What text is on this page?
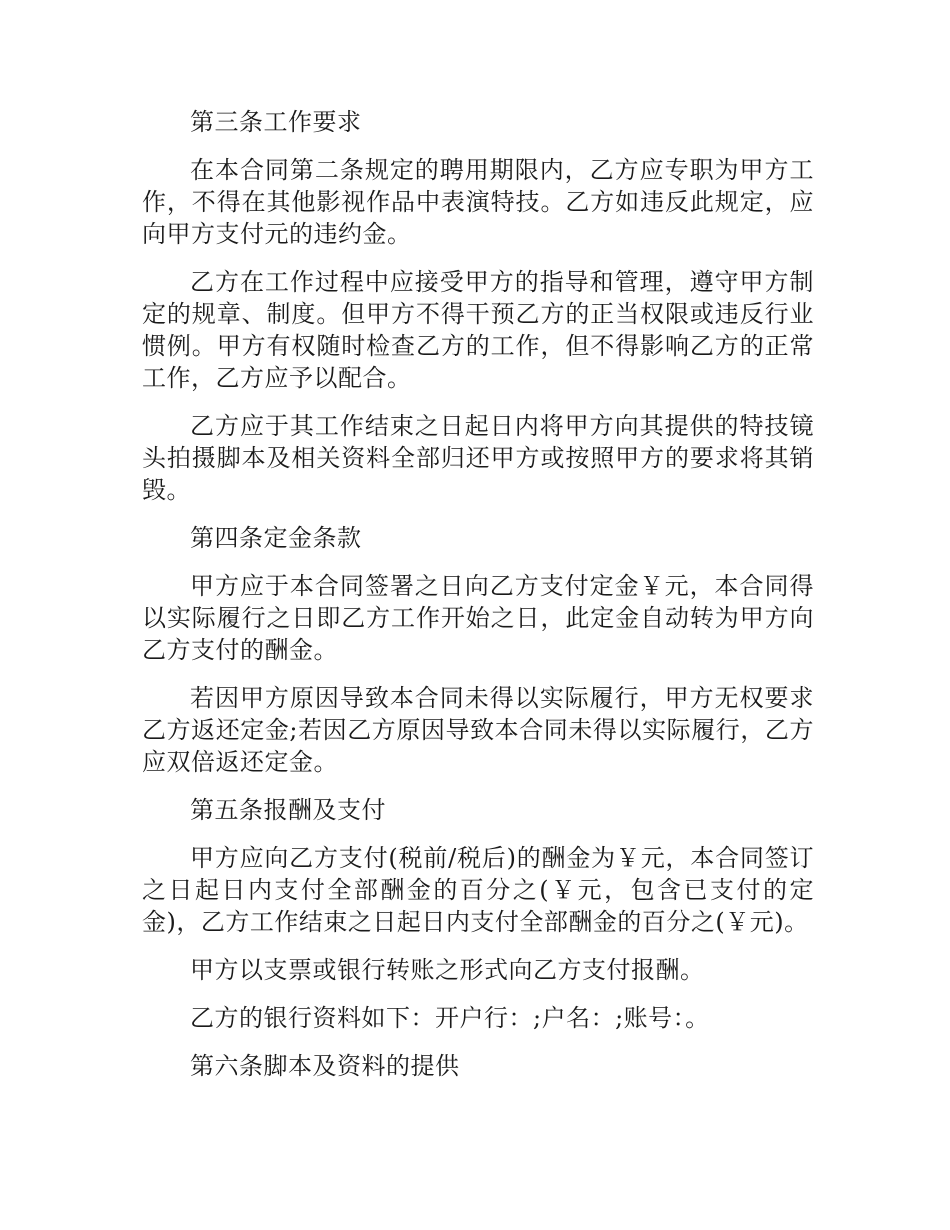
第三条工作要求

在本合同第二条规定的聘用期限内，乙方应专职为甲方工作，不得在其他影视作品中表演特技。乙方如违反此规定，应向甲方支付元的违约金。

乙方在工作过程中应接受甲方的指导和管理，遵守甲方制定的规章、制度。但甲方不得干预乙方的正当权限或违反行业惯例。甲方有权随时检查乙方的工作，但不得影响乙方的正常工作，乙方应予以配合。

乙方应于其工作结束之日起日内将甲方向其提供的特技镜头拍摄脚本及相关资料全部归还甲方或按照甲方的要求将其销毁。

第四条定金条款

甲方应于本合同签署之日向乙方支付定金￥元，本合同得以实际履行之日即乙方工作开始之日，此定金自动转为甲方向乙方支付的酬金。

若因甲方原因导致本合同未得以实际履行，甲方无权要求乙方返还定金;若因乙方原因导致本合同未得以实际履行，乙方应双倍返还定金。

第五条报酬及支付

甲方应向乙方支付(税前/税后)的酬金为￥元，本合同签订之日起日内支付全部酬金的百分之(￥元，包含已支付的定金)，乙方工作结束之日起日内支付全部酬金的百分之(￥元)。

甲方以支票或银行转账之形式向乙方支付报酬。

乙方的银行资料如下：开户行：;户名：;账号：。

第六条脚本及资料的提供
